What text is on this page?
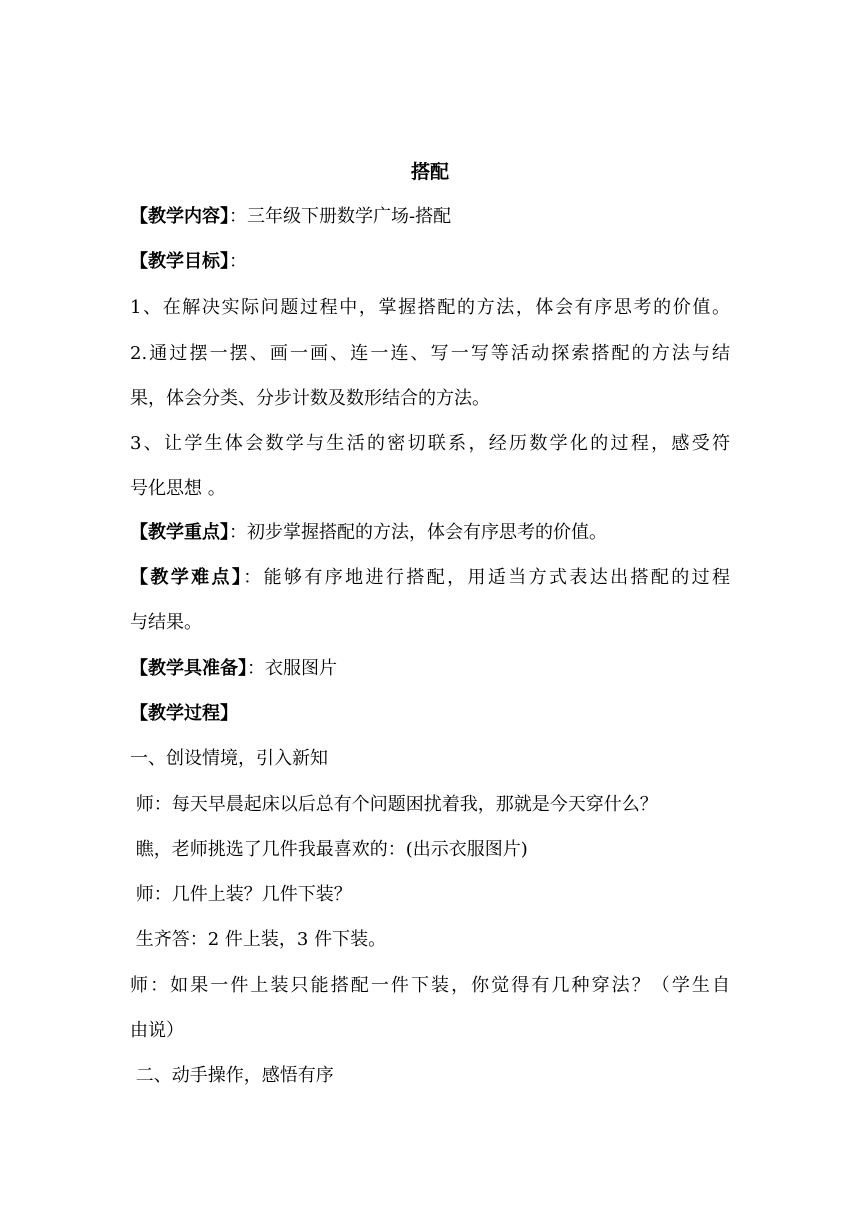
搭配
【教学内容】：三年级下册数学广场-搭配
【教学目标】：
1、在解决实际问题过程中，掌握搭配的方法，体会有序思考的价值。
2.通过摆一摆、画一画、连一连、写一写等活动探索搭配的方法与结
果，体会分类、分步计数及数形结合的方法。
3、让学生体会数学与生活的密切联系，经历数学化的过程，感受符
号化思想 。
【教学重点】：初步掌握搭配的方法，体会有序思考的价值。
【教学难点】：能够有序地进行搭配，用适当方式表达出搭配的过程
与结果。
【教学具准备】：衣服图片
【教学过程】
一、创设情境，引入新知
师：每天早晨起床以后总有个问题困扰着我，那就是今天穿什么？
瞧，老师挑选了几件我最喜欢的：(出示衣服图片)
师：几件上装？几件下装？
生齐答：2 件上装，3 件下装。
师：如果一件上装只能搭配一件下装，你觉得有几种穿法？（学生自
由说）
二、动手操作，感悟有序
